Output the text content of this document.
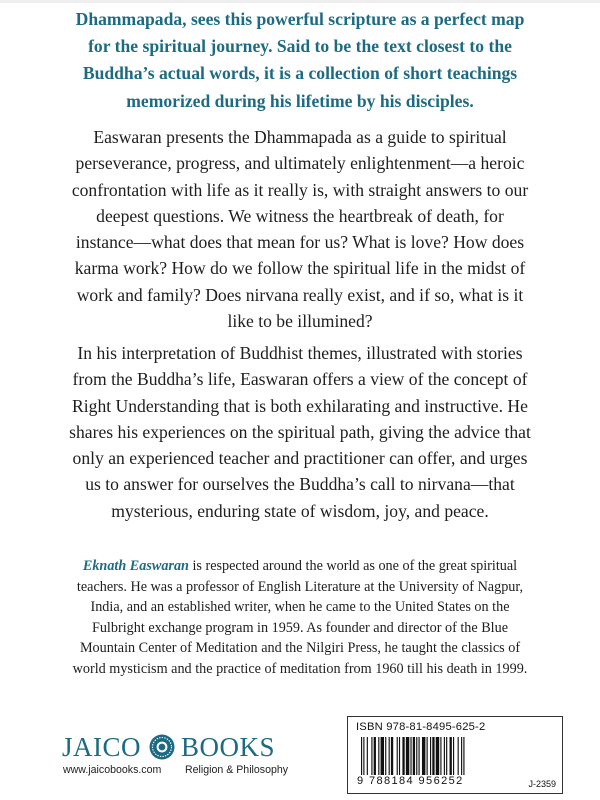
Dhammapada, sees this powerful scripture as a perfect map
for the spiritual journey. Said to be the text closest to the
Buddha’s actual words, it is a collection of short teachings
memorized during his lifetime by his disciples.
Easwaran presents the Dhammapada as a guide to spiritual
perseverance, progress, and ultimately enlightenment—a heroic
confrontation with life as it really is, with straight answers to our
deepest questions. We witness the heartbreak of death, for
instance—what does that mean for us? What is love? How does
karma work? How do we follow the spiritual life in the midst of
work and family? Does nirvana really exist, and if so, what is it
like to be illumined?
In his interpretation of Buddhist themes, illustrated with stories
from the Buddha’s life, Easwaran offers a view of the concept of
Right Understanding that is both exhilarating and instructive. He
shares his experiences on the spiritual path, giving the advice that
only an experienced teacher and practitioner can offer, and urges
us to answer for ourselves the Buddha’s call to nirvana—that
mysterious, enduring state of wisdom, joy, and peace.
Eknath Easwaran is respected around the world as one of the great spiritual
teachers. He was a professor of English Literature at the University of Nagpur,
India, and an established writer, when he came to the United States on the
Fulbright exchange program in 1959. As founder and director of the Blue
Mountain Center of Meditation and the Nilgiri Press, he taught the classics of
world mysticism and the practice of meditation from 1960 till his death in 1999.
JAICO BOOKS
www.jaicobooks.com Religion & Philosophy
ISBN 978-81-8495-625-2
9 788184 956252	J-2359
